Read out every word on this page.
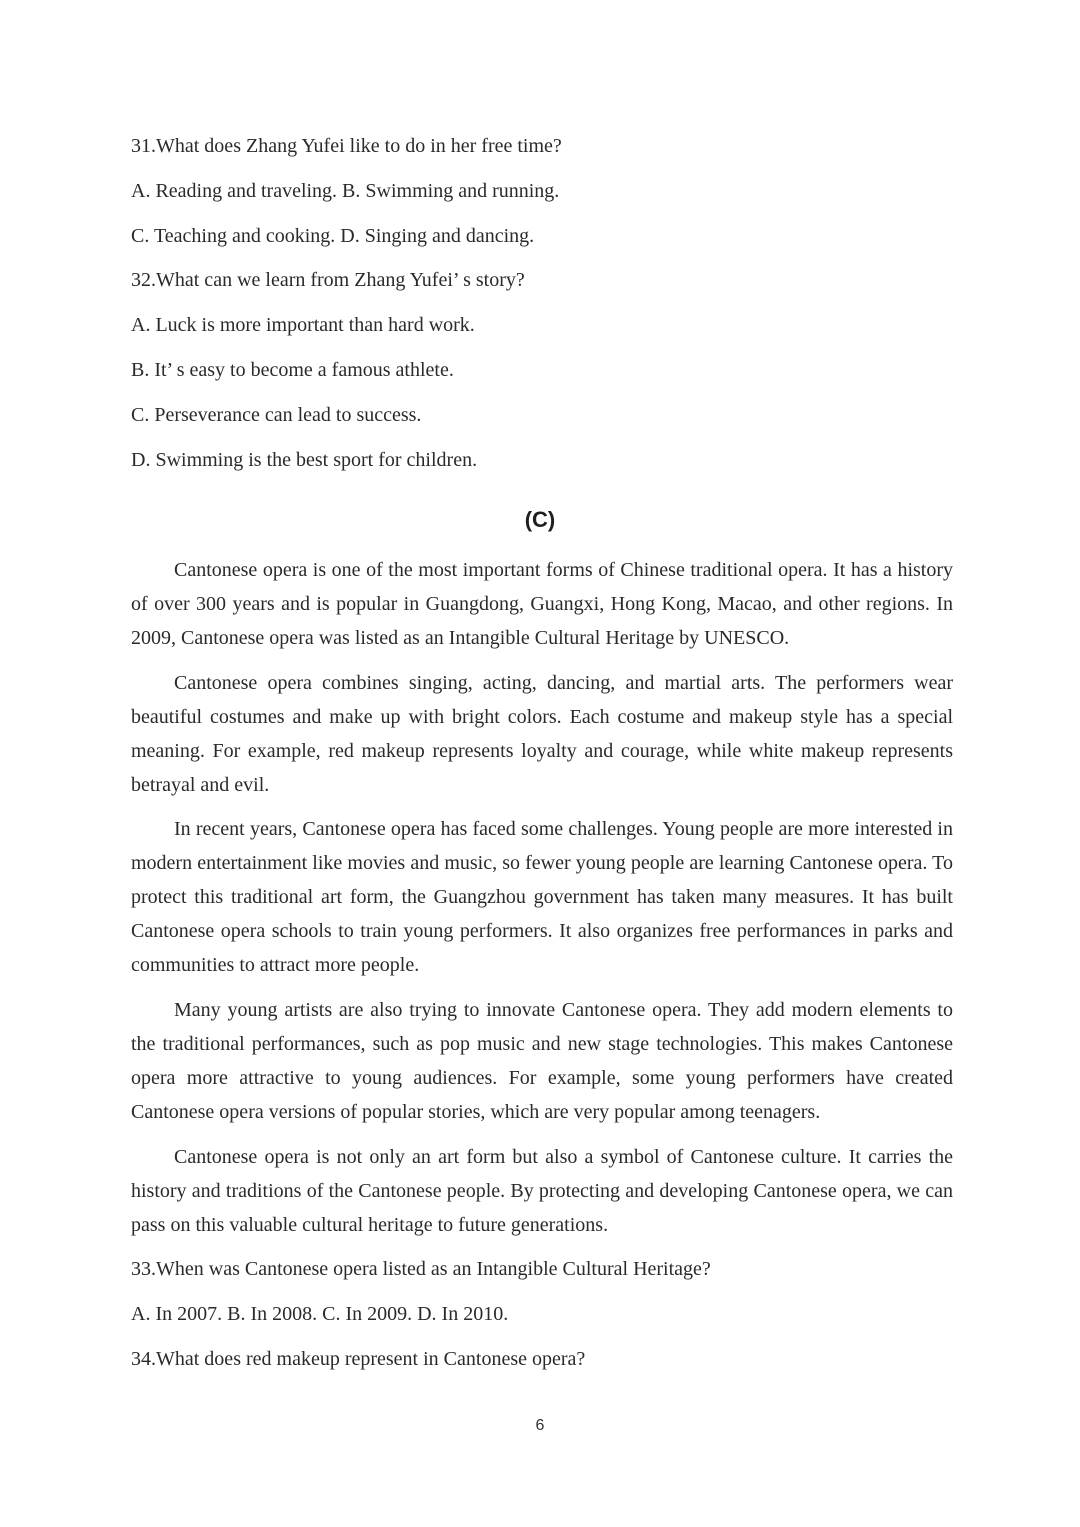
31.What does Zhang Yufei like to do in her free time?
A. Reading and traveling. B. Swimming and running.
C. Teaching and cooking. D. Singing and dancing.
32.What can we learn from Zhang Yufei’ s story?
A. Luck is more important than hard work.
B. It’ s easy to become a famous athlete.
C. Perseverance can lead to success.
D. Swimming is the best sport for children.
(C)
Cantonese opera is one of the most important forms of Chinese traditional opera. It has a history of over 300 years and is popular in Guangdong, Guangxi, Hong Kong, Macao, and other regions. In 2009, Cantonese opera was listed as an Intangible Cultural Heritage by UNESCO.
Cantonese opera combines singing, acting, dancing, and martial arts. The performers wear beautiful costumes and make up with bright colors. Each costume and makeup style has a special meaning. For example, red makeup represents loyalty and courage, while white makeup represents betrayal and evil.
In recent years, Cantonese opera has faced some challenges. Young people are more interested in modern entertainment like movies and music, so fewer young people are learning Cantonese opera. To protect this traditional art form, the Guangzhou government has taken many measures. It has built Cantonese opera schools to train young performers. It also organizes free performances in parks and communities to attract more people.
Many young artists are also trying to innovate Cantonese opera. They add modern elements to the traditional performances, such as pop music and new stage technologies. This makes Cantonese opera more attractive to young audiences. For example, some young performers have created Cantonese opera versions of popular stories, which are very popular among teenagers.
Cantonese opera is not only an art form but also a symbol of Cantonese culture. It carries the history and traditions of the Cantonese people. By protecting and developing Cantonese opera, we can pass on this valuable cultural heritage to future generations.
33.When was Cantonese opera listed as an Intangible Cultural Heritage?
A. In 2007. B. In 2008. C. In 2009. D. In 2010.
34.What does red makeup represent in Cantonese opera?
6
